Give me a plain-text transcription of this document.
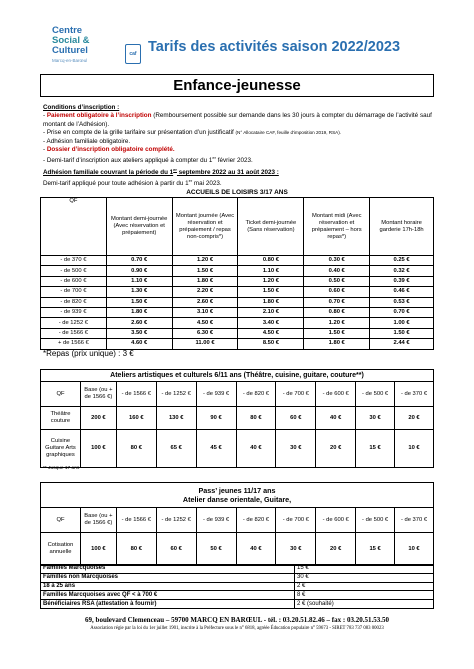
Centre
Social &
Culturel
Marcq-en-Barœul
caf Tarifs des activités saison 2022/2023
Enfance-jeunesse
Conditions d’inscription :
- Paiement obligatoire à l’inscription (Remboursement possible sur demande dans les 30 jours à compter du démarrage de l’activité sauf montant de l’Adhésion).
- Prise en compte de la grille tarifaire sur présentation d’un justificatif (N° Allocataire CAF, feuille d’imposition 2019, RSA).
- Adhésion familiale obligatoire.
- Dossier d’inscription obligatoire complété.
- Demi-tarif d’inscription aux ateliers appliqué à compter du 1er février 2023.
Adhésion familiale couvrant la période du 1er septembre 2022 au 31 août 2023 :
Demi-tarif appliqué pour toute adhésion à partir du 1er mai 2023.
ACCUEILS DE LOISIRS 3/17 ANS
QF	Montant demi-journée (Avec réservation et prépaiement)	Montant journée (Avec réservation et prépaiement / repas non-compris*)	Ticket demi-journée (Sans réservation)	Montant midi (Avec réservation et prépaiement – hors repas*)	Montant horaire garderie 17h-18h
- de 370 €	0.70 €	1.20 €	0.80 €	0.30 €	0.25 €
- de 500 €	0.90 €	1.50 €	1.10 €	0.40 €	0.32 €
- de 600 €	1.10 €	1.80 €	1.20 €	0.50 €	0.39 €
- de 700 €	1.30 €	2.20 €	1.50 €	0.60 €	0.46 €
- de 820 €	1.50 €	2.60 €	1.80 €	0.70 €	0.53 €
- de 939 €	1.80 €	3.10 €	2.10 €	0.80 €	0.70 €
- de 1252 €	2.60 €	4.50 €	3.40 €	1.20 €	1.00 €
- de 1566 €	3.50 €	6.30 €	4.50 €	1.50 €	1.50 €
+ de 1566 €	4.60 €	11.00 €	8.50 €	1.80 €	2.44 €
*Repas (prix unique) : 3 €
Ateliers artistiques et culturels 6/11 ans (Théâtre, cuisine, guitare, couture**)									
QF	Base (ou + de 1566 €)	- de 1566 €	- de 1252 €	- de 939 €	- de 820 €	- de 700 €	- de 600 €	- de 500 €	- de 370 €
Théâtre couture	200 €	160 €	130 €	90 €	80 €	60 €	40 €	30 €	20 €
Cuisine Guitare Arts graphiques	100 €	80 €	65 €	45 €	40 €	30 €	20 €	15 €	10 €
** Jusque 17 ans
Pass’ jeunes 11/17 ans
Atelier danse orientale, Guitare,									

QF	Base (ou + de 1566 €)	- de 1566 €	- de 1252 €	- de 939 €	- de 820 €	- de 700 €	- de 600 €	- de 500 €	- de 370 €
Cotisation annuelle	100 €	80 €	60 €	50 €	40 €	30 €	20 €	15 €	10 €
Familles Marcquoises	15 €
Familles non Marcquoises	30 €
18 à 25 ans	2 €
Familles Marcquoises avec QF < à 700 €	8 €
Bénéficiaires RSA (attestation à fournir)	2 € (souhaité)
69, boulevard Clemenceau – 59700 MARCQ EN BARŒUL - tél. : 03.20.51.82.46 – fax : 03.20.51.53.50
Association régie par la loi du 1er juillet 1901, inscrite à la Préfecture sous le n° 6818, agréée Éducation populaire n° 59673 - SIRET 783 737 083 00023
